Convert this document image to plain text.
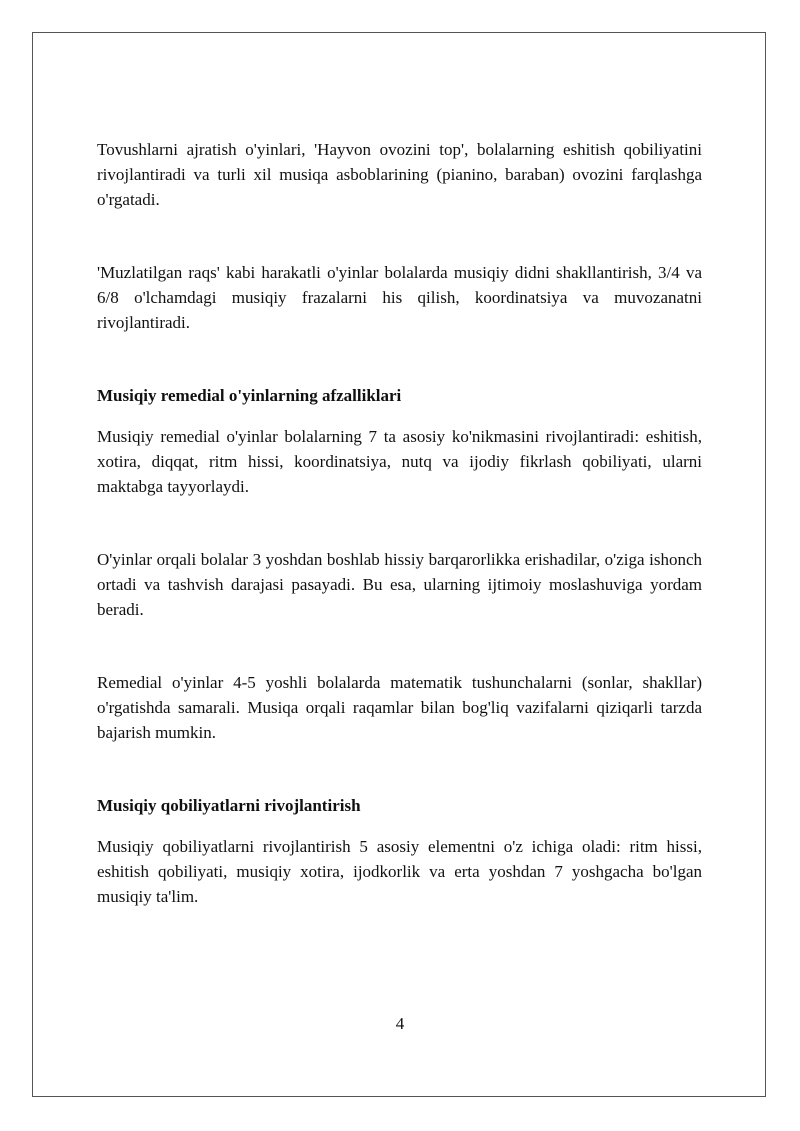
Tovushlarni ajratish o'yinlari, 'Hayvon ovozini top', bolalarning eshitish qobiliyatini rivojlantiradi va turli xil musiqa asboblarining (pianino, baraban) ovozini farqlashga o'rgatadi.

'Muzlatilgan raqs' kabi harakatli o'yinlar bolalarda musiqiy didni shakllantirish, 3/4 va 6/8 o'lchamdagi musiqiy frazalarni his qilish, koordinatsiya va muvozanatni rivojlantiradi.

Musiqiy remedial o'yinlarning afzalliklari

Musiqiy remedial o'yinlar bolalarning 7 ta asosiy ko'nikmasini rivojlantiradi: eshitish, xotira, diqqat, ritm hissi, koordinatsiya, nutq va ijodiy fikrlash qobiliyati, ularni maktabga tayyorlaydi.

O'yinlar orqali bolalar 3 yoshdan boshlab hissiy barqarorlikka erishadilar, o'ziga ishonch ortadi va tashvish darajasi pasayadi. Bu esa, ularning ijtimoiy moslashuviga yordam beradi.

Remedial o'yinlar 4-5 yoshli bolalarda matematik tushunchalarni (sonlar, shakllar) o'rgatishda samarali. Musiqa orqali raqamlar bilan bog'liq vazifalarni qiziqarli tarzda bajarish mumkin.

Musiqiy qobiliyatlarni rivojlantirish

Musiqiy qobiliyatlarni rivojlantirish 5 asosiy elementni o'z ichiga oladi: ritm hissi, eshitish qobiliyati, musiqiy xotira, ijodkorlik va erta yoshdan 7 yoshgacha bo'lgan musiqiy ta'lim.

4
